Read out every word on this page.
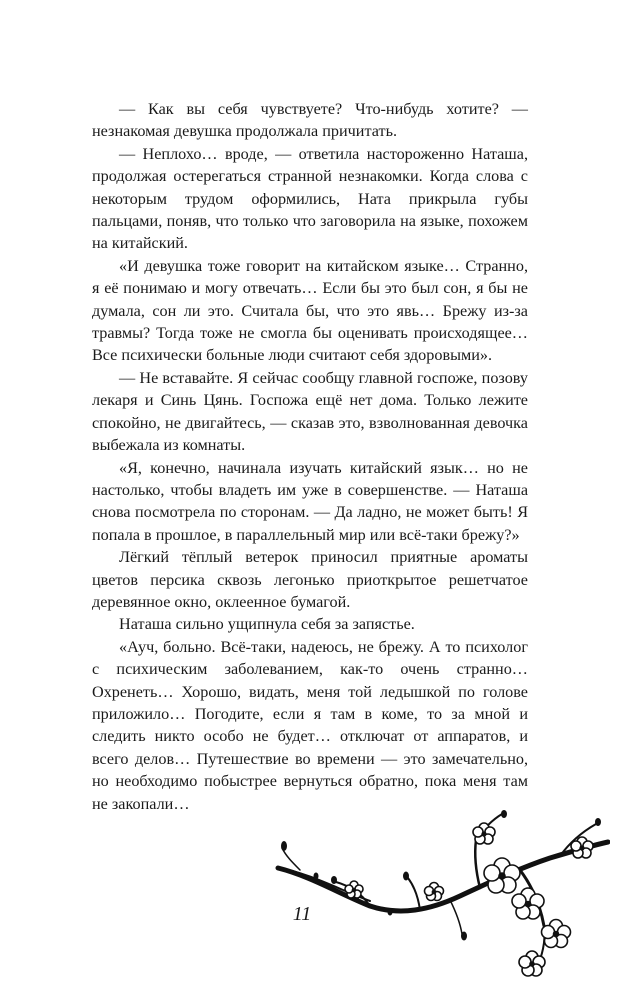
— Как вы себя чувствуете? Что-нибудь хотите? — незнакомая девушка продолжала причитать.

— Неплохо… вроде, — ответила настороженно Наташа, продолжая остерегаться странной незнакомки. Когда слова с некоторым трудом оформились, Ната прикрыла губы пальцами, поняв, что только что заговорила на языке, похожем на китайский.

«И девушка тоже говорит на китайском языке… Странно, я её понимаю и могу отвечать… Если бы это был сон, я бы не думала, сон ли это. Считала бы, что это явь… Брежу из-за травмы? Тогда тоже не смогла бы оценивать происходящее… Все психически больные люди считают себя здоровыми».

— Не вставайте. Я сейчас сообщу главной госпоже, позову лекаря и Синь Цянь. Госпожа ещё нет дома. Только лежите спокойно, не двигайтесь, — сказав это, взволнованная девочка выбежала из комнаты.

«Я, конечно, начинала изучать китайский язык… но не настолько, чтобы владеть им уже в совершенстве. — Наташа снова посмотрела по сторонам. — Да ладно, не может быть! Я попала в прошлое, в параллельный мир или всё-таки брежу?»

Лёгкий тёплый ветерок приносил приятные ароматы цветов персика сквозь легонько приоткрытое решетчатое деревянное окно, оклеенное бумагой.

Наташа сильно ущипнула себя за запястье.

«Ауч, больно. Всё-таки, надеюсь, не брежу. А то психолог с психическим заболеванием, как-то очень странно… Охренеть… Хорошо, видать, меня той ледышкой по голове приложило… Погодите, если я там в коме, то за мной и следить никто особо не будет… отключат от аппаратов, и всего делов… Путешествие во времени — это замечательно, но необходимо побыстрее вернуться обратно, пока меня там не закопали…

11
